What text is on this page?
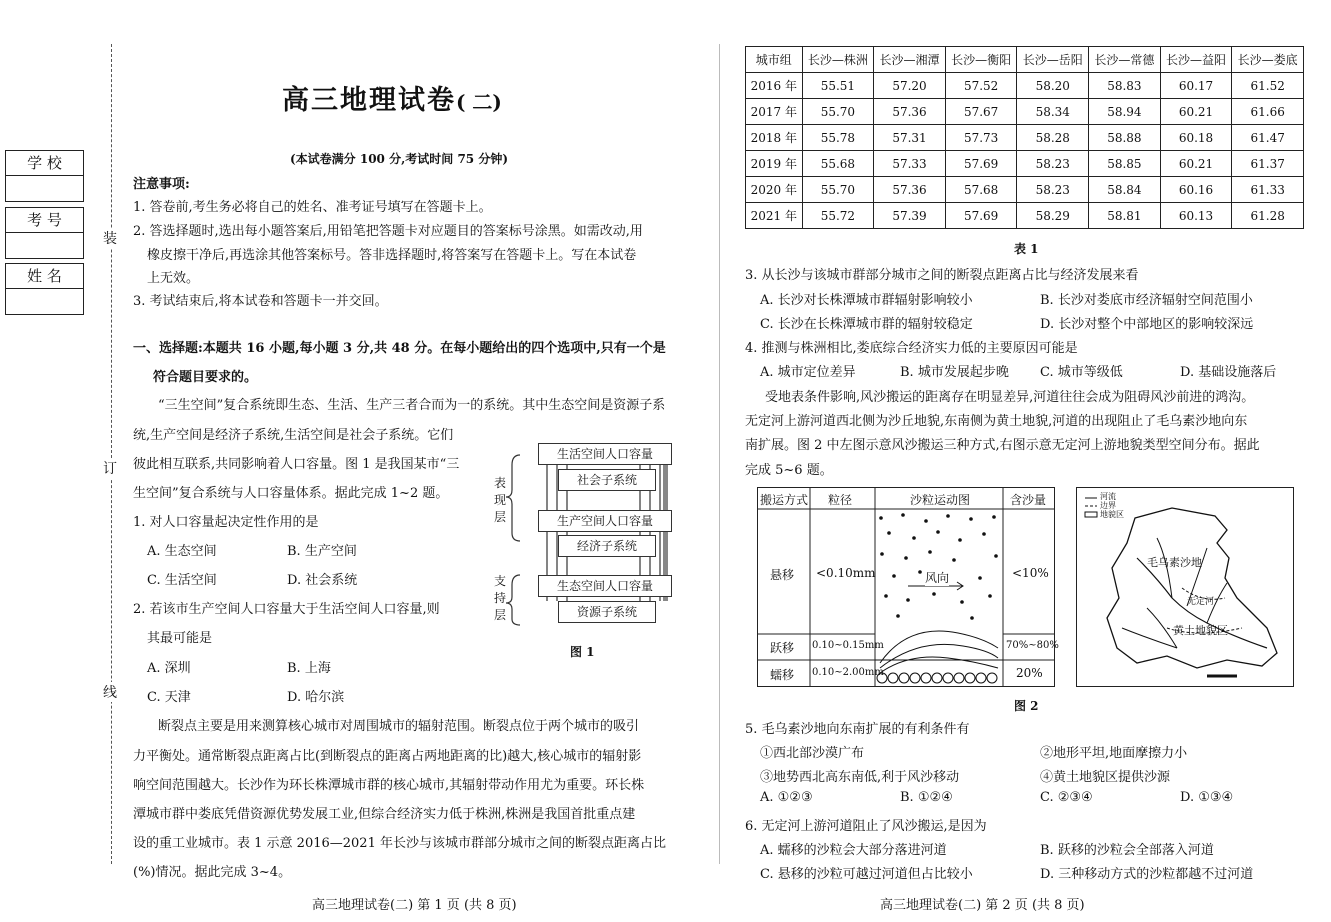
装
订
线
学 校
考 号
姓 名
高三地理试卷( 二)
(本试卷满分 100 分,考试时间 75 分钟)
注意事项:
1. 答卷前,考生务必将自己的姓名、准考证号填写在答题卡上。
2. 答选择题时,选出每小题答案后,用铅笔把答题卡对应题目的答案标号涂黑。如需改动,用
橡皮擦干净后,再选涂其他答案标号。答非选择题时,将答案写在答题卡上。写在本试卷
上无效。
3. 考试结束后,将本试卷和答题卡一并交回。
一、选择题:本题共 16 小题,每小题 3 分,共 48 分。在每小题给出的四个选项中,只有一个是
符合题目要求的。
“三生空间”复合系统即生态、生活、生产三者合而为一的系统。其中生态空间是资源子系
统,生产空间是经济子系统,生活空间是社会子系统。它们
彼此相互联系,共同影响着人口容量。图 1 是我国某市“三
生空间”复合系统与人口容量体系。据此完成 1~2 题。
1. 对人口容量起决定性作用的是
A. 生态空间	B. 生产空间
C. 生活空间	D. 社会系统
2. 若该市生产空间人口容量大于生活空间人口容量,则
其最可能是
A. 深圳	B. 上海
C. 天津	D. 哈尔滨
生活空间人口容量
社会子系统
生产空间人口容量
经济子系统
生态空间人口容量
资源子系统
表
现
层
支
持
层
图 1
断裂点主要是用来测算核心城市对周围城市的辐射范围。断裂点位于两个城市的吸引
力平衡处。通常断裂点距离占比(到断裂点的距离占两地距离的比)越大,核心城市的辐射影
响空间范围越大。长沙作为环长株潭城市群的核心城市,其辐射带动作用尤为重要。环长株
潭城市群中娄底凭借资源优势发展工业,但综合经济实力低于株洲,株洲是我国首批重点建
设的重工业城市。表 1 示意 2016—2021 年长沙与该城市群部分城市之间的断裂点距离占比
(%)情况。据此完成 3~4。
高三地理试卷(二) 第 1 页 (共 8 页)
城市组	长沙—株洲	长沙—湘潭	长沙—衡阳	长沙—岳阳	长沙—常德	长沙—益阳	长沙—娄底
2016 年	55.51	57.20	57.52	58.20	58.83	60.17	61.52
2017 年	55.70	57.36	57.67	58.34	58.94	60.21	61.66
2018 年	55.78	57.31	57.73	58.28	58.88	60.18	61.47
2019 年	55.68	57.33	57.69	58.23	58.85	60.21	61.37
2020 年	55.70	57.36	57.68	58.23	58.84	60.16	61.33
2021 年	55.72	57.39	57.69	58.29	58.81	60.13	61.28
表 1
3. 从长沙与该城市群部分城市之间的断裂点距离占比与经济发展来看
A. 长沙对长株潭城市群辐射影响较小	B. 长沙对娄底市经济辐射空间范围小
C. 长沙在长株潭城市群的辐射较稳定	D. 长沙对整个中部地区的影响较深远
4. 推测与株洲相比,娄底综合经济实力低的主要原因可能是
A. 城市定位差异	B. 城市发展起步晚 C. 城市等级低	D. 基础设施落后
受地表条件影响,风沙搬运的距离存在明显差异,河道往往会成为阻碍风沙前进的鸿沟。
无定河上游河道西北侧为沙丘地貌,东南侧为黄土地貌,河道的出现阻止了毛乌素沙地向东
南扩展。图 2 中左图示意风沙搬运三种方式,右图示意无定河上游地貌类型空间分布。据此
完成 5~6 题。
搬运方式 粒径	沙粒运动图	含沙量
风向
悬移 <0.10mm	<10%
跃移 0.10~0.15mm	70%~80%
蠕移 0.10~2.00mm	20%
河流
边界
地貌区
毛乌素沙地
黄土地貌区
无定河
图 2
5. 毛乌素沙地向东南扩展的有利条件有
①西北部沙漠广布	②地形平坦,地面摩擦力小
③地势西北高东南低,利于风沙移动	④黄土地貌区提供沙源
A. ①②③	B. ①②④	C. ②③④	D. ①③④
6. 无定河上游河道阻止了风沙搬运,是因为
A. 蠕移的沙粒会大部分落进河道	B. 跃移的沙粒会全部落入河道
C. 悬移的沙粒可越过河道但占比较小	D. 三种移动方式的沙粒都越不过河道
高三地理试卷(二) 第 2 页 (共 8 页)
